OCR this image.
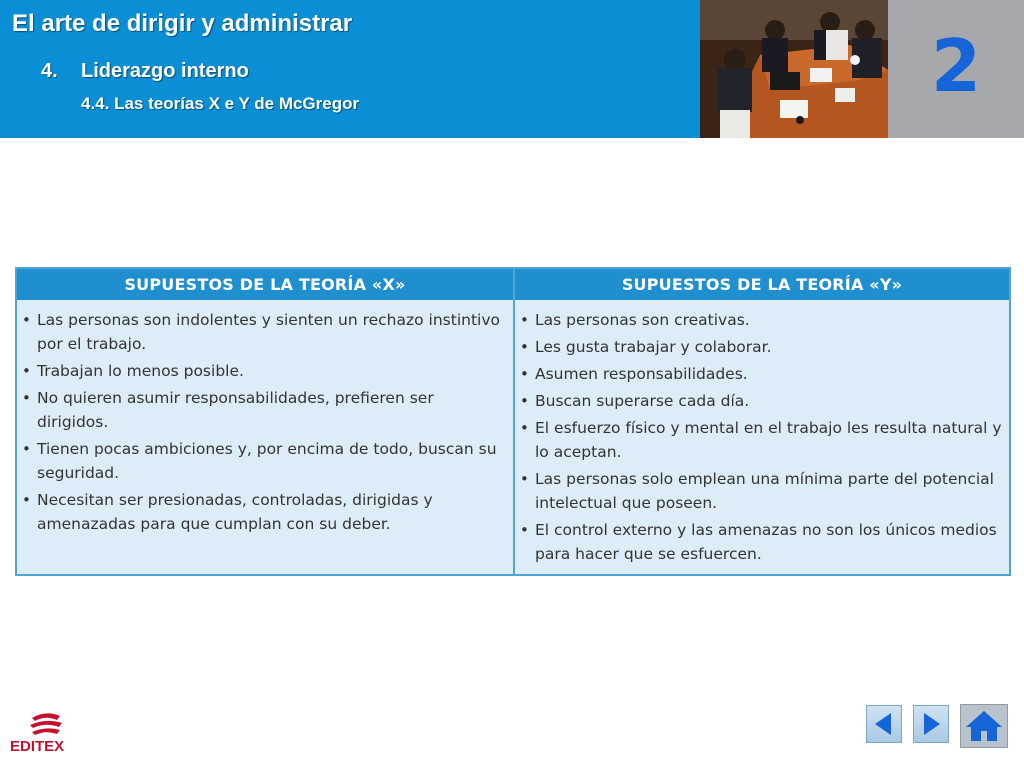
El arte de dirigir y administrar
4. Liderazgo interno
4.4. Las teorías X e Y de McGregor	2
SUPUESTOS DE LA TEORÍA «X»
• Las personas son indolentes y sienten un rechazo instintivo por el trabajo.
• Trabajan lo menos posible.
• No quieren asumir responsabilidades, prefieren ser dirigidos.
• Tienen pocas ambiciones y, por encima de todo, buscan su seguridad.
• Necesitan ser presionadas, controladas, dirigidas y amenazadas para que cumplan con su deber.
SUPUESTOS DE LA TEORÍA «Y»
• Las personas son creativas.
• Les gusta trabajar y colaborar.
• Asumen responsabilidades.
• Buscan superarse cada día.
• El esfuerzo físico y mental en el trabajo les resulta natural y lo aceptan.
• Las personas solo emplean una mínima parte del potencial intelectual que poseen.
• El control externo y las amenazas no son los únicos medios para hacer que se esfuercen.
EDITEX
